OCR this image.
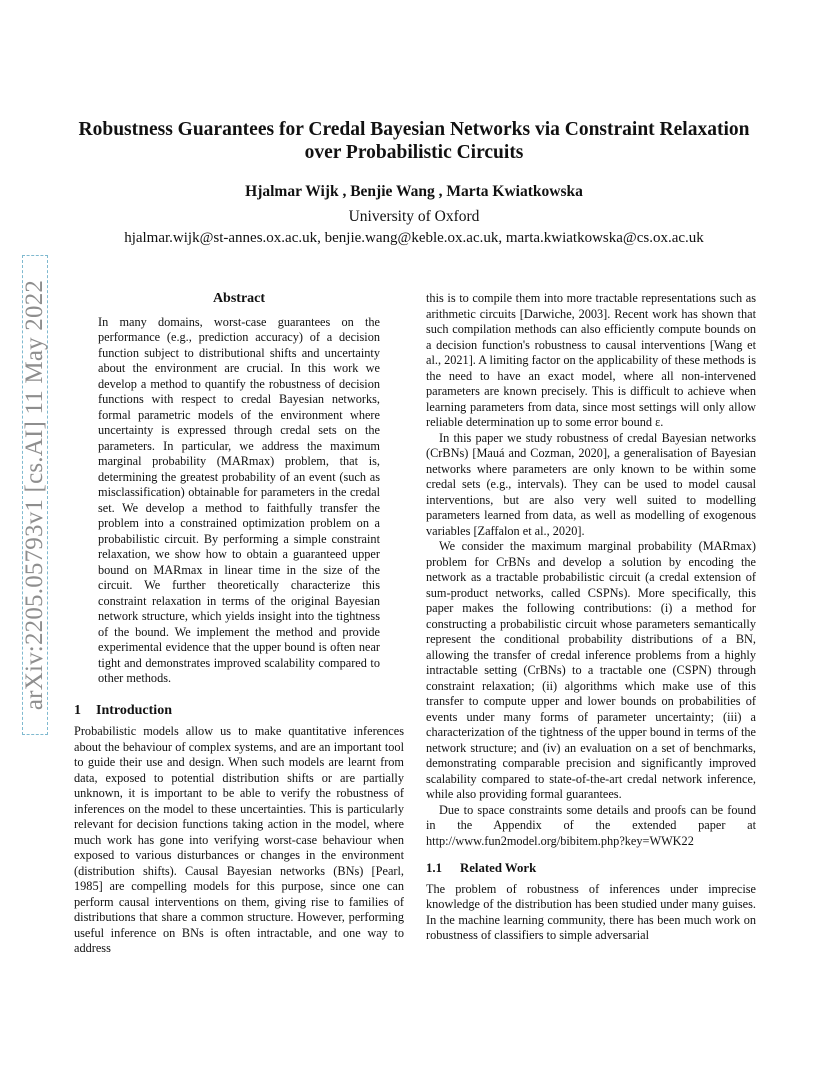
arXiv:2205.05793v1 [cs.AI] 11 May 2022
Robustness Guarantees for Credal Bayesian Networks via Constraint Relaxation over Probabilistic Circuits
Hjalmar Wijk , Benjie Wang , Marta Kwiatkowska
University of Oxford
hjalmar.wijk@st-annes.ox.ac.uk, benjie.wang@keble.ox.ac.uk, marta.kwiatkowska@cs.ox.ac.uk
Abstract

In many domains, worst-case guarantees on the performance (e.g., prediction accuracy) of a decision function subject to distributional shifts and uncertainty about the environment are crucial. In this work we develop a method to quantify the robustness of decision functions with respect to credal Bayesian networks, formal parametric models of the environment where uncertainty is expressed through credal sets on the parameters. In particular, we address the maximum marginal probability (MARmax) problem, that is, determining the greatest probability of an event (such as misclassification) obtainable for parameters in the credal set. We develop a method to faithfully transfer the problem into a constrained optimization problem on a probabilistic circuit. By performing a simple constraint relaxation, we show how to obtain a guaranteed upper bound on MARmax in linear time in the size of the circuit. We further theoretically characterize this constraint relaxation in terms of the original Bayesian network structure, which yields insight into the tightness of the bound. We implement the method and provide experimental evidence that the upper bound is often near tight and demonstrates improved scalability compared to other methods.

1 Introduction

Probabilistic models allow us to make quantitative inferences about the behaviour of complex systems, and are an important tool to guide their use and design. When such models are learnt from data, exposed to potential distribution shifts or are partially unknown, it is important to be able to verify the robustness of inferences on the model to these uncertainties. This is particularly relevant for decision functions taking action in the model, where much work has gone into verifying worst-case behaviour when exposed to various disturbances or changes in the environment (distribution shifts). Causal Bayesian networks (BNs) [Pearl, 1985] are compelling models for this purpose, since one can perform causal interventions on them, giving rise to families of distributions that share a common structure. However, performing useful inference on BNs is often intractable, and one way to address

this is to compile them into more tractable representations such as arithmetic circuits [Darwiche, 2003]. Recent work has shown that such compilation methods can also efficiently compute bounds on a decision function's robustness to causal interventions [Wang et al., 2021]. A limiting factor on the applicability of these methods is the need to have an exact model, where all non-intervened parameters are known precisely. This is difficult to achieve when learning parameters from data, since most settings will only allow reliable determination up to some error bound ε.

In this paper we study robustness of credal Bayesian networks (CrBNs) [Mauá and Cozman, 2020], a generalisation of Bayesian networks where parameters are only known to be within some credal sets (e.g., intervals). They can be used to model causal interventions, but are also very well suited to modelling parameters learned from data, as well as modelling of exogenous variables [Zaffalon et al., 2020].

We consider the maximum marginal probability (MARmax) problem for CrBNs and develop a solution by encoding the network as a tractable probabilistic circuit (a credal extension of sum-product networks, called CSPNs). More specifically, this paper makes the following contributions: (i) a method for constructing a probabilistic circuit whose parameters semantically represent the conditional probability distributions of a BN, allowing the transfer of credal inference problems from a highly intractable setting (CrBNs) to a tractable one (CSPN) through constraint relaxation; (ii) algorithms which make use of this transfer to compute upper and lower bounds on probabilities of events under many forms of parameter uncertainty; (iii) a characterization of the tightness of the upper bound in terms of the network structure; and (iv) an evaluation on a set of benchmarks, demonstrating comparable precision and significantly improved scalability compared to state-of-the-art credal network inference, while also providing formal guarantees.

Due to space constraints some details and proofs can be found in the Appendix of the extended paper at http://www.fun2model.org/bibitem.php?key=WWK22

1.1 Related Work

The problem of robustness of inferences under imprecise knowledge of the distribution has been studied under many guises. In the machine learning community, there has been much work on robustness of classifiers to simple adversarial
